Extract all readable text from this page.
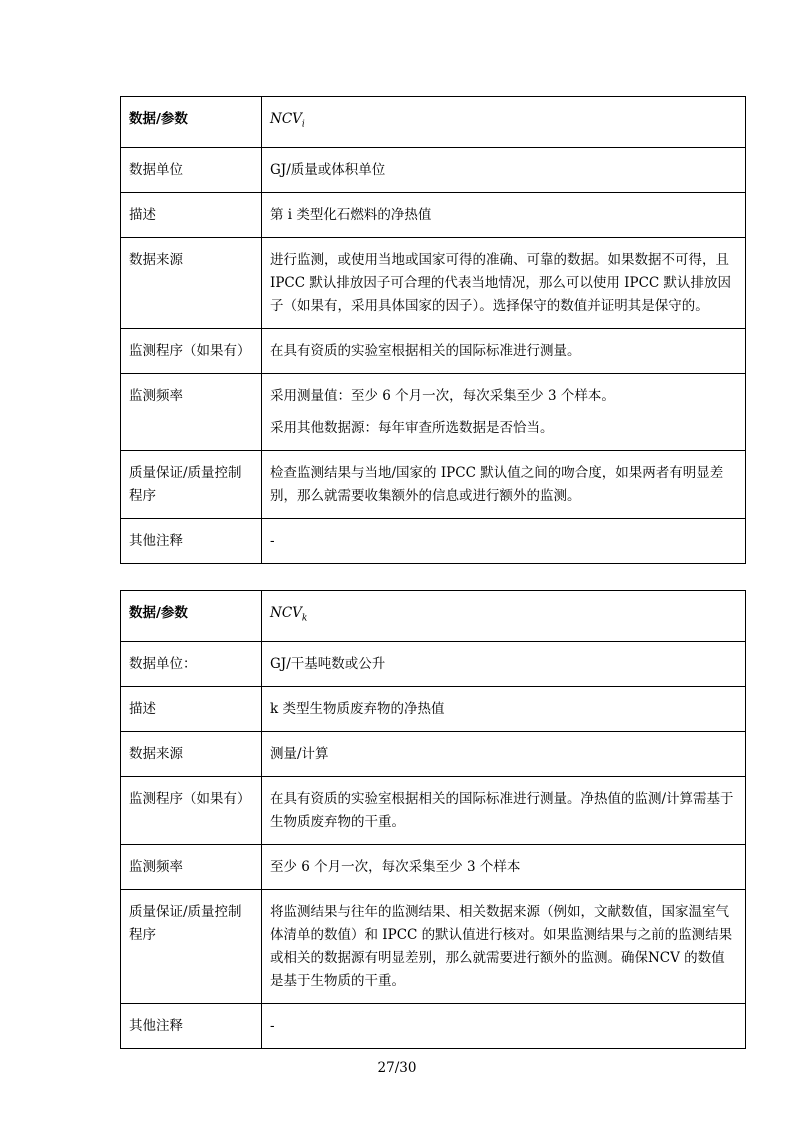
数据/参数	$NCV_i$
数据单位	GJ/质量或体积单位
描述	第 i 类型化石燃料的净热值
数据来源	进行监测，或使用当地或国家可得的准确、可靠的数据。如果数据不可得，且 IPCC 默认排放因子可合理的代表当地情况，那么可以使用 IPCC 默认排放因子（如果有，采用具体国家的因子）。选择保守的数值并证明其是保守的。
监测程序（如果有）	在具有资质的实验室根据相关的国际标准进行测量。
监测频率	采用测量值：至少 6 个月一次，每次采集至少 3 个样本。

采用其他数据源：每年审查所选数据是否恰当。

质量保证/质量控制程序	检查监测结果与当地/国家的 IPCC 默认值之间的吻合度，如果两者有明显差别，那么就需要收集额外的信息或进行额外的监测。
其他注释	-
数据/参数	$NCV_k$
数据单位：	GJ/干基吨数或公升
描述	k 类型生物质废弃物的净热值
数据来源	测量/计算
监测程序（如果有）	在具有资质的实验室根据相关的国际标准进行测量。净热值的监测/计算需基于生物质废弃物的干重。
监测频率	至少 6 个月一次，每次采集至少 3 个样本
质量保证/质量控制程序	将监测结果与往年的监测结果、相关数据来源（例如，文献数值，国家温室气体清单的数值）和 IPCC 的默认值进行核对。如果监测结果与之前的监测结果或相关的数据源有明显差别，那么就需要进行额外的监测。确保NCV 的数值是基于生物质的干重。
其他注释	-
27/30
